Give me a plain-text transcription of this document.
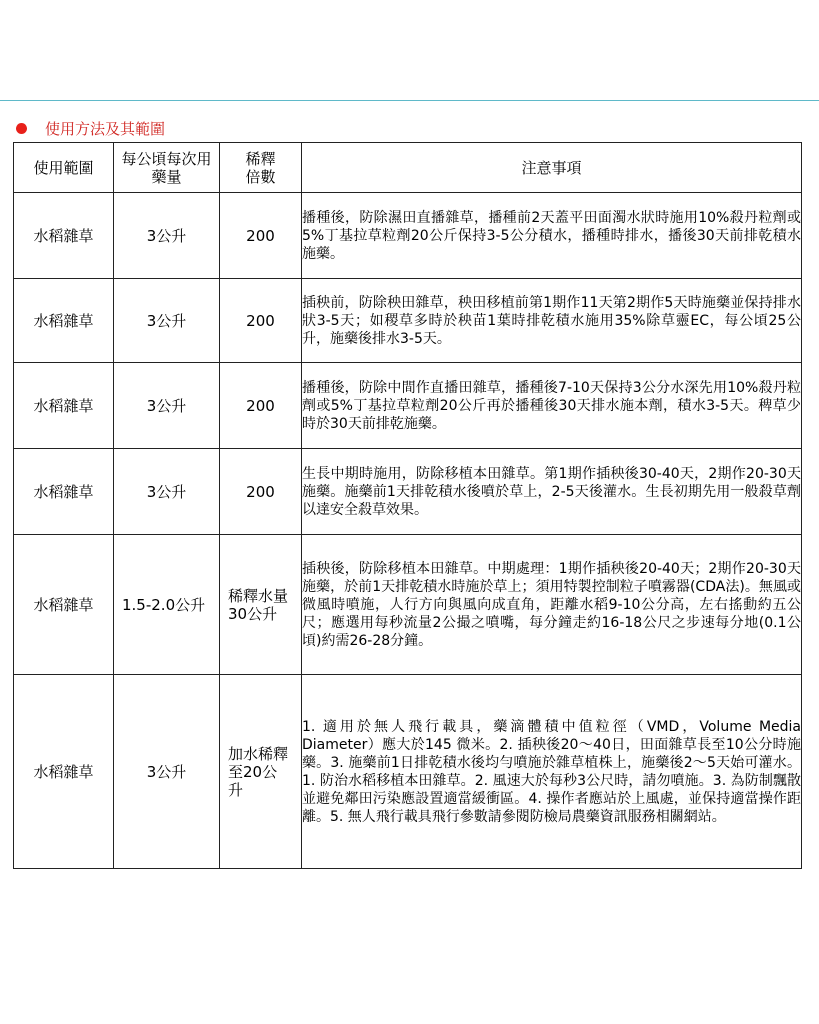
使用方法及其範圍
使用範圍	每公頃每次用藥量	稀釋倍數	注意事項
水稻雜草	3公升	200	播種後，防除濕田直播雜草，播種前2天蓋平田面濁水狀時施用10%殺丹粒劑或5%丁基拉草粒劑20公斤保持3-5公分積水，播種時排水，播後30天前排乾積水施藥。
水稻雜草	3公升	200	插秧前，防除秧田雜草，秧田移植前第1期作11天第2期作5天時施藥並保持排水狀3-5天；如稷草多時於秧苗1葉時排乾積水施用35%除草靈EC，每公頃25公升，施藥後排水3-5天。
水稻雜草	3公升	200	播種後，防除中間作直播田雜草，播種後7-10天保持3公分水深先用10%殺丹粒劑或5%丁基拉草粒劑20公斤再於播種後30天排水施本劑，積水3-5天。稗草少時於30天前排乾施藥。
水稻雜草	3公升	200	生長中期時施用，防除移植本田雜草。第1期作插秧後30-40天，2期作20-30天施藥。施藥前1天排乾積水後噴於草上，2-5天後灌水。生長初期先用一般殺草劑以達安全殺草效果。
水稻雜草	1.5-2.0公升	稀釋水量30公升	插秧後，防除移植本田雜草。中期處理：1期作插秧後20-40天；2期作20-30天施藥，於前1天排乾積水時施於草上；須用特製控制粒子噴霧器(CDA法)。無風或微風時噴施，人行方向與風向成直角，距離水稻9-10公分高，左右搖動約五公尺；應選用每秒流量2公撮之噴嘴，每分鐘走約16-18公尺之步速每分地(0.1公頃)約需26-28分鐘。
水稻雜草	3公升	加水稀釋至20公升	1. 適用於無人飛行載具，藥滴體積中值粒徑（VMD，Volume Media Diameter）應大於145 微米。2. 插秧後20～40日，田面雜草長至10公分時施藥。3. 施藥前1日排乾積水後均勻噴施於雜草植株上，施藥後2～5天始可灌水。1. 防治水稻移植本田雜草。2. 風速大於每秒3公尺時，請勿噴施。3. 為防制飄散並避免鄰田污染應設置適當緩衝區。4. 操作者應站於上風處，並保持適當操作距離。5. 無人飛行載具飛行參數請參閱防檢局農藥資訊服務相關網站。
